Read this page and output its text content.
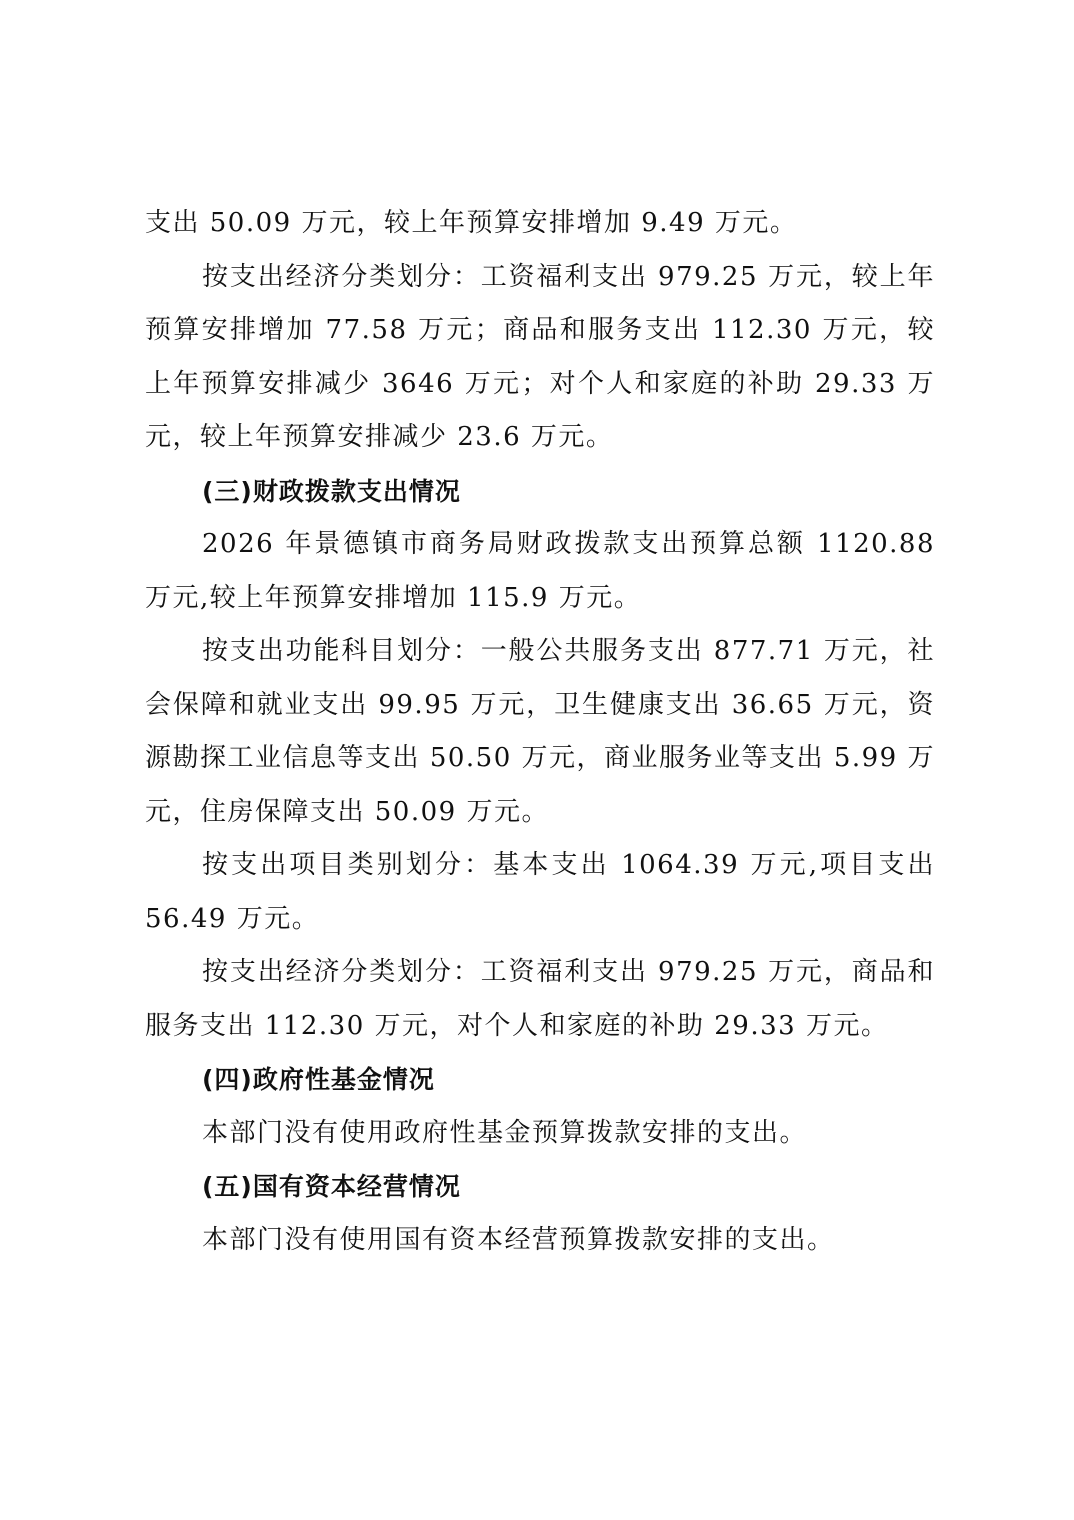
支出 50.09 万元，较上年预算安排增加 9.49 万元。

按支出经济分类划分：工资福利支出 979.25 万元，较上年预算安排增加 77.58 万元；商品和服务支出 112.30 万元，较上年预算安排减少 3646 万元；对个人和家庭的补助 29.33 万元，较上年预算安排减少 23.6 万元。

(三)财政拨款支出情况

2026 年景德镇市商务局财政拨款支出预算总额 1120.88 万元,较上年预算安排增加 115.9 万元。

按支出功能科目划分：一般公共服务支出 877.71 万元，社会保障和就业支出 99.95 万元，卫生健康支出 36.65 万元，资源勘探工业信息等支出 50.50 万元，商业服务业等支出 5.99 万元，住房保障支出 50.09 万元。

按支出项目类别划分：基本支出 1064.39 万元,项目支出 56.49 万元。

按支出经济分类划分：工资福利支出 979.25 万元，商品和服务支出 112.30 万元，对个人和家庭的补助 29.33 万元。

(四)政府性基金情况

本部门没有使用政府性基金预算拨款安排的支出。

(五)国有资本经营情况

本部门没有使用国有资本经营预算拨款安排的支出。
